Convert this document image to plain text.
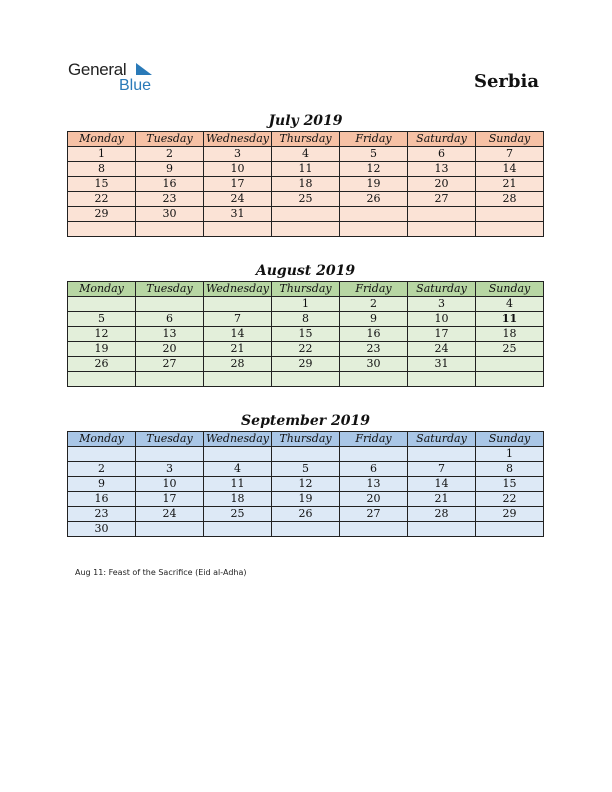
General
Blue	Serbia
July 2019
Monday	Tuesday	Wednesday	Thursday	Friday	Saturday	Sunday
1	2	3	4	5	6	7
8	9	10	11	12	13	14
15	16	17	18	19	20	21
22	23	24	25	26	27	28
29	30	31				

August 2019
Monday	Tuesday	Wednesday	Thursday	Friday	Saturday	Sunday
			1	2	3	4
5	6	7	8	9	10	11
12	13	14	15	16	17	18
19	20	21	22	23	24	25
26	27	28	29	30	31	

September 2019
Monday	Tuesday	Wednesday	Thursday	Friday	Saturday	Sunday
						1
2	3	4	5	6	7	8
9	10	11	12	13	14	15
16	17	18	19	20	21	22
23	24	25	26	27	28	29
30						
Aug 11: Feast of the Sacrifice (Eid al-Adha)
